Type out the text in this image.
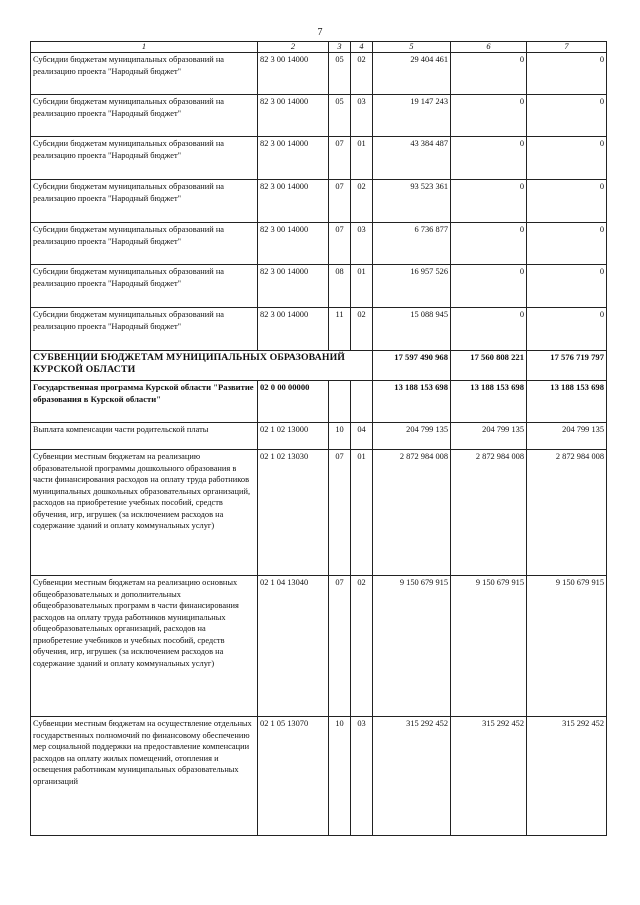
7
1	2	3	4	5	6	7
Субсидии бюджетам муниципальных образований на реализацию проекта "Народный бюджет"	82 3 00 14000	05	02	29 404 461	0	0
Субсидии бюджетам муниципальных образований на реализацию проекта "Народный бюджет"	82 3 00 14000	05	03	19 147 243	0	0
Субсидии бюджетам муниципальных образований на реализацию проекта "Народный бюджет"	82 3 00 14000	07	01	43 384 487	0	0
Субсидии бюджетам муниципальных образований на реализацию проекта "Народный бюджет"	82 3 00 14000	07	02	93 523 361	0	0
Субсидии бюджетам муниципальных образований на реализацию проекта "Народный бюджет"	82 3 00 14000	07	03	6 736 877	0	0
Субсидии бюджетам муниципальных образований на реализацию проекта "Народный бюджет"	82 3 00 14000	08	01	16 957 526	0	0
Субсидии бюджетам муниципальных образований на реализацию проекта "Народный бюджет"	82 3 00 14000	11	02	15 088 945	0	0
СУБВЕНЦИИ БЮДЖЕТАМ МУНИЦИПАЛЬНЫХ ОБРАЗОВАНИЙ КУРСКОЙ ОБЛАСТИ				17 597 490 968	17 560 808 221	17 576 719 797
Государственная программа Курской области "Развитие образования в Курской области"	02 0 00 00000			13 188 153 698	13 188 153 698	13 188 153 698
Выплата компенсации части родительской платы	02 1 02 13000	10	04	204 799 135	204 799 135	204 799 135
Субвенции местным бюджетам на реализацию образовательной программы дошкольного образования в части финансирования расходов на оплату труда работников муниципальных дошкольных образовательных организаций, расходов на приобретение учебных пособий, средств обучения, игр, игрушек (за исключением расходов на содержание зданий и оплату коммунальных услуг)	02 1 02 13030	07	01	2 872 984 008	2 872 984 008	2 872 984 008
Субвенции местным бюджетам на реализацию основных общеобразовательных и дополнительных общеобразовательных программ в части финансирования расходов на оплату труда работников муниципальных общеобразовательных организаций, расходов на приобретение учебников и учебных пособий, средств обучения, игр, игрушек (за исключением расходов на содержание зданий и оплату коммунальных услуг)	02 1 04 13040	07	02	9 150 679 915	9 150 679 915	9 150 679 915
Субвенции местным бюджетам на осуществление отдельных государственных полномочий по финансовому обеспечению мер социальной поддержки на предоставление компенсации расходов на оплату жилых помещений, отопления и освещения работникам муниципальных образовательных организаций	02 1 05 13070	10	03	315 292 452	315 292 452	315 292 452
